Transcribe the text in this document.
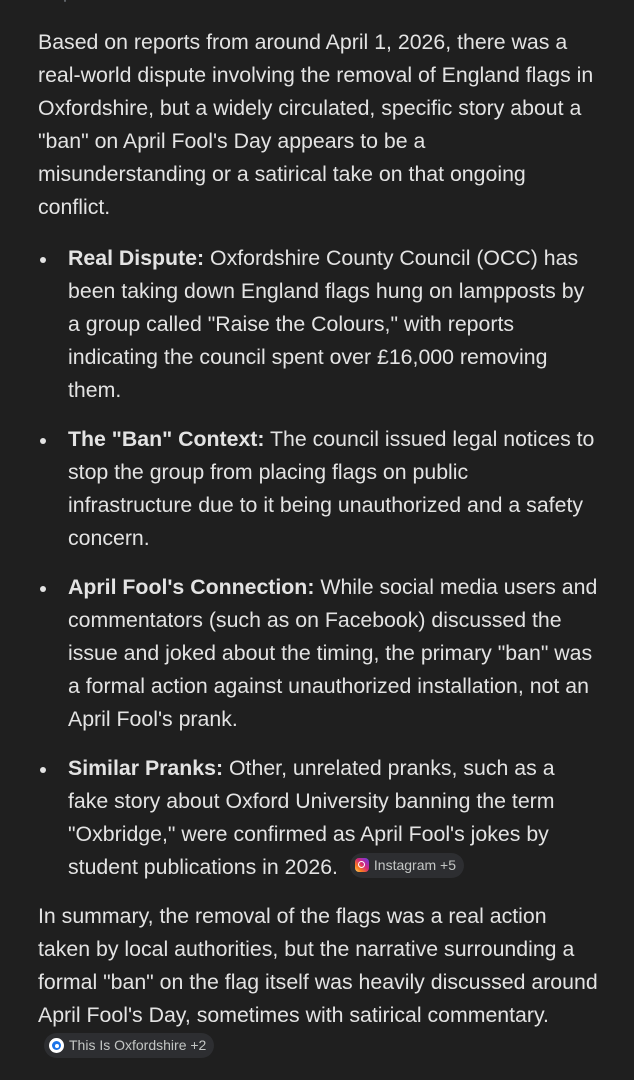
Based on reports from around April 1, 2026, there was a real-world dispute involving the removal of England flags in Oxfordshire, but a widely circulated, specific story about a "ban" on April Fool's Day appears to be a misunderstanding or a satirical take on that ongoing conflict.

Real Dispute: Oxfordshire County Council (OCC) has been taking down England flags hung on lampposts by a group called "Raise the Colours," with reports indicating the council spent over £16,000 removing them.
The "Ban" Context: The council issued legal notices to stop the group from placing flags on public infrastructure due to it being unauthorized and a safety concern.
April Fool's Connection: While social media users and commentators (such as on Facebook) discussed the issue and joked about the timing, the primary "ban" was a formal action against unauthorized installation, not an April Fool's prank.
Similar Pranks: Other, unrelated pranks, such as a fake story about Oxford University banning the term "Oxbridge," were confirmed as April Fool's jokes by student publications in 2026.	Instagram +5

In summary, the removal of the flags was a real action taken by local authorities, but the narrative surrounding a formal "ban" on the flag itself was heavily discussed around April Fool's Day, sometimes with satirical commentary.
This Is Oxfordshire +2
